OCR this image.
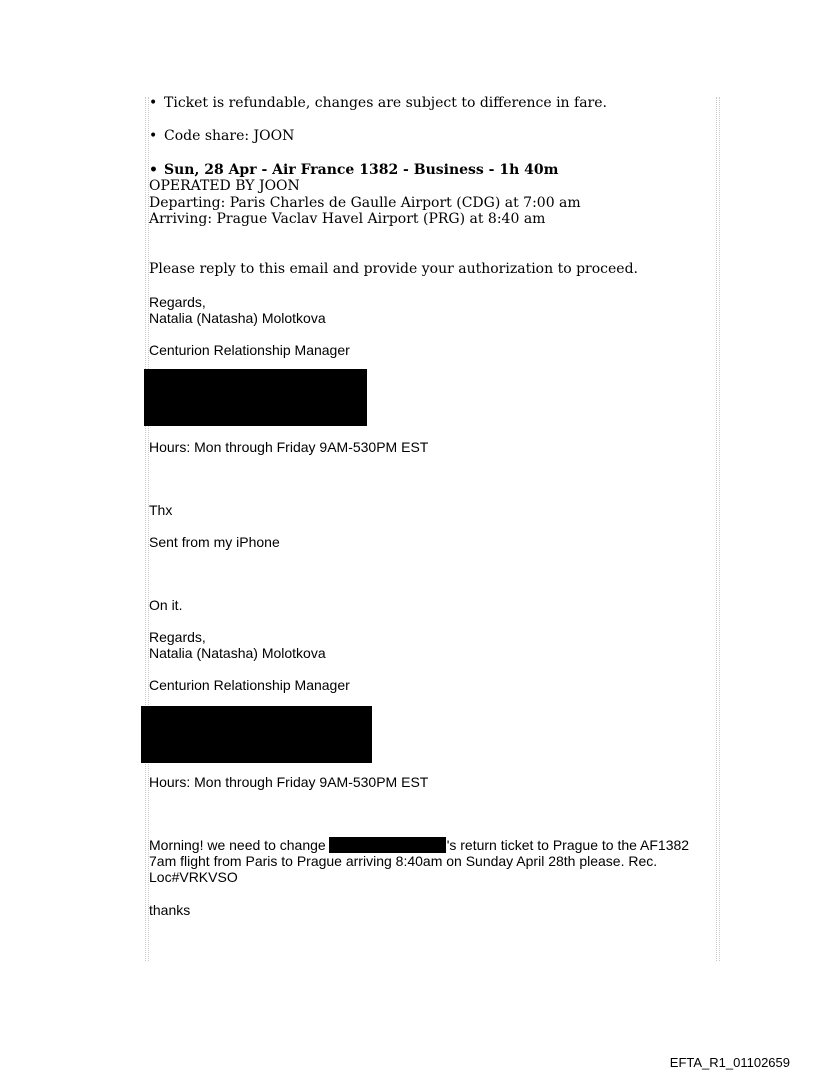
• Ticket is refundable, changes are subject to difference in fare.

• Code share: JOON

• Sun, 28 Apr - Air France 1382 - Business - 1h 40m

OPERATED BY JOON

Departing: Paris Charles de Gaulle Airport (CDG) at 7:00 am

Arriving: Prague Vaclav Havel Airport (PRG) at 8:40 am

Please reply to this email and provide your authorization to proceed.

Regards,

Natalia (Natasha) Molotkova

Centurion Relationship Manager

Hours: Mon through Friday 9AM-530PM EST

Thx

Sent from my iPhone

On it.

Regards,

Natalia (Natasha) Molotkova

Centurion Relationship Manager

Hours: Mon through Friday 9AM-530PM EST

Morning! we need to change	's return ticket to Prague to the AF1382

7am flight from Paris to Prague arriving 8:40am on Sunday April 28th please. Rec.

Loc#VRKVSO

thanks

EFTA_R1_01102659
